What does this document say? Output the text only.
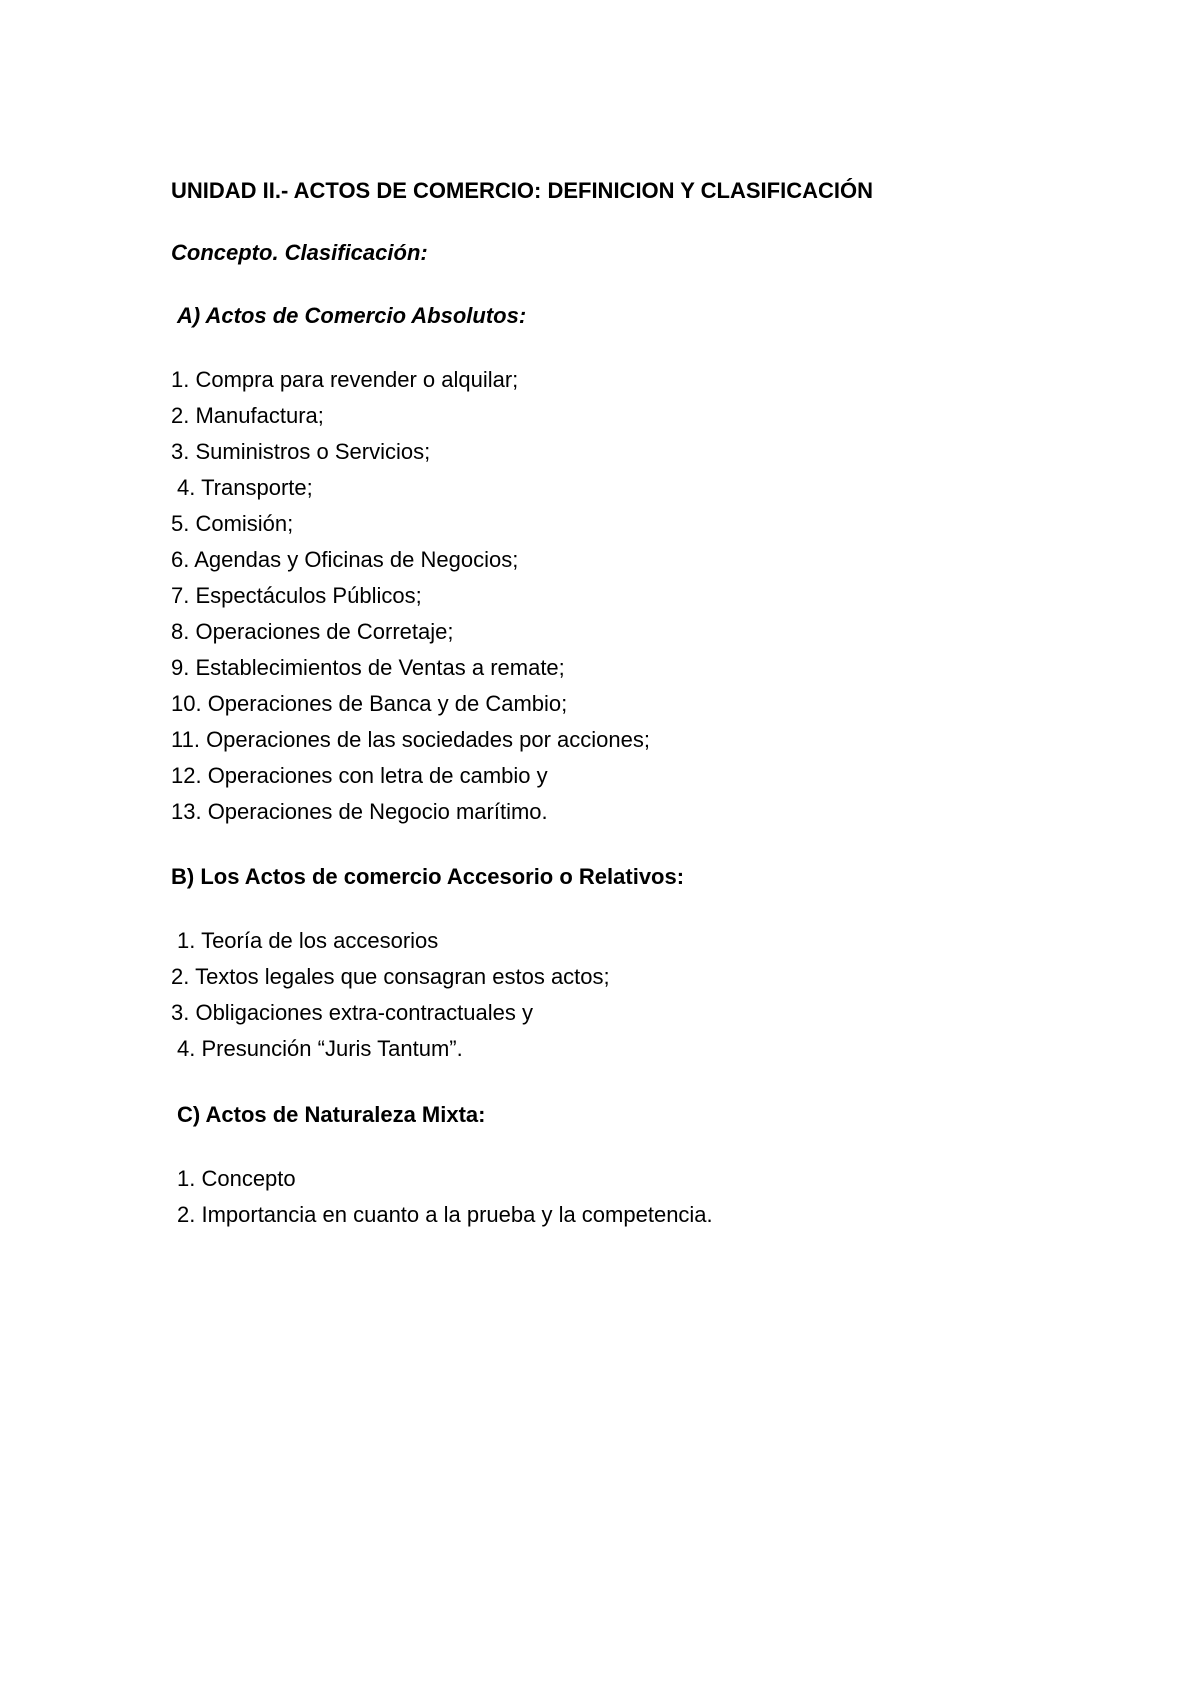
UNIDAD II.- ACTOS DE COMERCIO: DEFINICION Y CLASIFICACIÓN
Concepto. Clasificación:
A) Actos de Comercio Absolutos:
1. Compra para revender o alquilar;
2. Manufactura;
3. Suministros o Servicios;
4. Transporte;
5. Comisión;
6. Agendas y Oficinas de Negocios;
7. Espectáculos Públicos;
8. Operaciones de Corretaje;
9. Establecimientos de Ventas a remate;
10. Operaciones de Banca y de Cambio;
11. Operaciones de las sociedades por acciones;
12. Operaciones con letra de cambio y
13. Operaciones de Negocio marítimo.
B) Los Actos de comercio Accesorio o Relativos:
1. Teoría de los accesorios
2. Textos legales que consagran estos actos;
3. Obligaciones extra-contractuales y
4. Presunción “Juris Tantum”.
C) Actos de Naturaleza Mixta:
1. Concepto
2. Importancia en cuanto a la prueba y la competencia.
